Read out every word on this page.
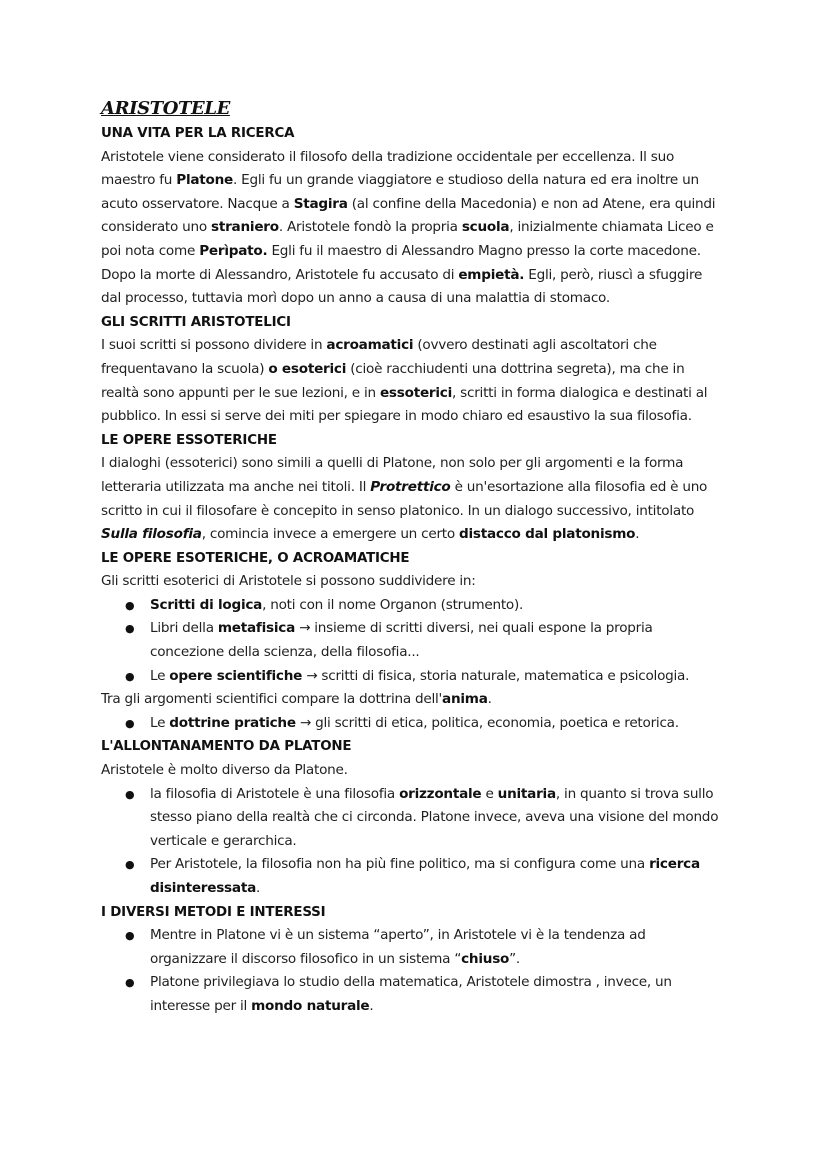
ARISTOTELE
UNA VITA PER LA RICERCA

Aristotele viene considerato il filosofo della tradizione occidentale per eccellenza. Il suo maestro fu Platone. Egli fu un grande viaggiatore e studioso della natura ed era inoltre un acuto osservatore. Nacque a Stagira (al confine della Macedonia) e non ad Atene, era quindi considerato uno straniero. Aristotele fondò la propria scuola, inizialmente chiamata Liceo e poi nota come Perìpato. Egli fu il maestro di Alessandro Magno presso la corte macedone. Dopo la morte di Alessandro, Aristotele fu accusato di empietà. Egli, però, riuscì a sfuggire dal processo, tuttavia morì dopo un anno a causa di una malattia di stomaco.

GLI SCRITTI ARISTOTELICI

I suoi scritti si possono dividere in acroamatici (ovvero destinati agli ascoltatori che frequentavano la scuola) o esoterici (cioè racchiudenti una dottrina segreta), ma che in realtà sono appunti per le sue lezioni, e in essoterici, scritti in forma dialogica e destinati al pubblico. In essi si serve dei miti per spiegare in modo chiaro ed esaustivo la sua filosofia.

LE OPERE ESSOTERICHE

I dialoghi (essoterici) sono simili a quelli di Platone, non solo per gli argomenti e la forma letteraria utilizzata ma anche nei titoli. Il Protrettico è un'esortazione alla filosofia ed è uno scritto in cui il filosofare è concepito in senso platonico. In un dialogo successivo, intitolato Sulla filosofia, comincia invece a emergere un certo distacco dal platonismo.

LE OPERE ESOTERICHE, O ACROAMATICHE

Gli scritti esoterici di Aristotele si possono suddividere in:

● Scritti di logica, noti con il nome Organon (strumento).
● Libri della metafisica → insieme di scritti diversi, nei quali espone la propria concezione della scienza, della filosofia...
● Le opere scientifiche → scritti di fisica, storia naturale, matematica e psicologia.

Tra gli argomenti scientifici compare la dottrina dell'anima.

● Le dottrine pratiche → gli scritti di etica, politica, economia, poetica e retorica.
L'ALLONTANAMENTO DA PLATONE

Aristotele è molto diverso da Platone.

● la filosofia di Aristotele è una filosofia orizzontale e unitaria, in quanto si trova sullo stesso piano della realtà che ci circonda. Platone invece, aveva una visione del mondo verticale e gerarchica.
● Per Aristotele, la filosofia non ha più fine politico, ma si configura come una ricerca disinteressata.
I DIVERSI METODI E INTERESSI
● Mentre in Platone vi è un sistema “aperto”, in Aristotele vi è la tendenza ad organizzare il discorso filosofico in un sistema “chiuso”.
● Platone privilegiava lo studio della matematica, Aristotele dimostra , invece, un interesse per il mondo naturale.
